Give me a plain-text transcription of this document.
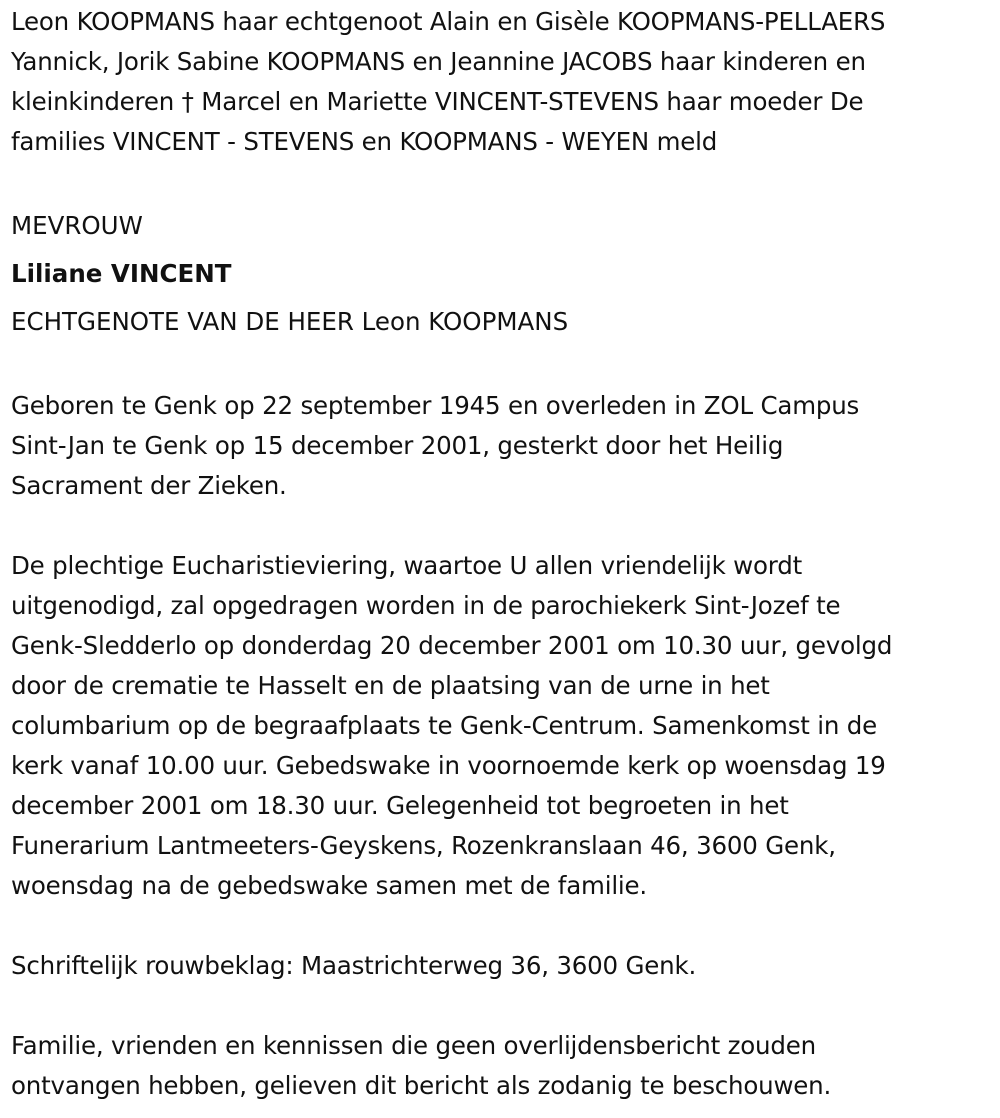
Leon KOOPMANS haar echtgenoot Alain en Gisèle KOOPMANS-PELLAERS
Yannick, Jorik Sabine KOOPMANS en Jeannine JACOBS haar kinderen en
kleinkinderen † Marcel en Mariette VINCENT-STEVENS haar moeder De
families VINCENT - STEVENS en KOOPMANS - WEYEN meld

MEVROUW

Liliane VINCENT

ECHTGENOTE VAN DE HEER Leon KOOPMANS

Geboren te Genk op 22 september 1945 en overleden in ZOL Campus
Sint-Jan te Genk op 15 december 2001, gesterkt door het Heilig
Sacrament der Zieken.
De plechtige Eucharistieviering, waartoe U allen vriendelijk wordt
uitgenodigd, zal opgedragen worden in de parochiekerk Sint-Jozef te
Genk-Sledderlo op donderdag 20 december 2001 om 10.30 uur, gevolgd
door de crematie te Hasselt en de plaatsing van de urne in het
columbarium op de begraafplaats te Genk-Centrum. Samenkomst in de
kerk vanaf 10.00 uur. Gebedswake in voornoemde kerk op woensdag 19
december 2001 om 18.30 uur. Gelegenheid tot begroeten in het
Funerarium Lantmeeters-Geyskens, Rozenkranslaan 46, 3600 Genk,
woensdag na de gebedswake samen met de familie.
Schriftelijk rouwbeklag: Maastrichterweg 36, 3600 Genk.
Familie, vrienden en kennissen die geen overlijdensbericht zouden
ontvangen hebben, gelieven dit bericht als zodanig te beschouwen.
